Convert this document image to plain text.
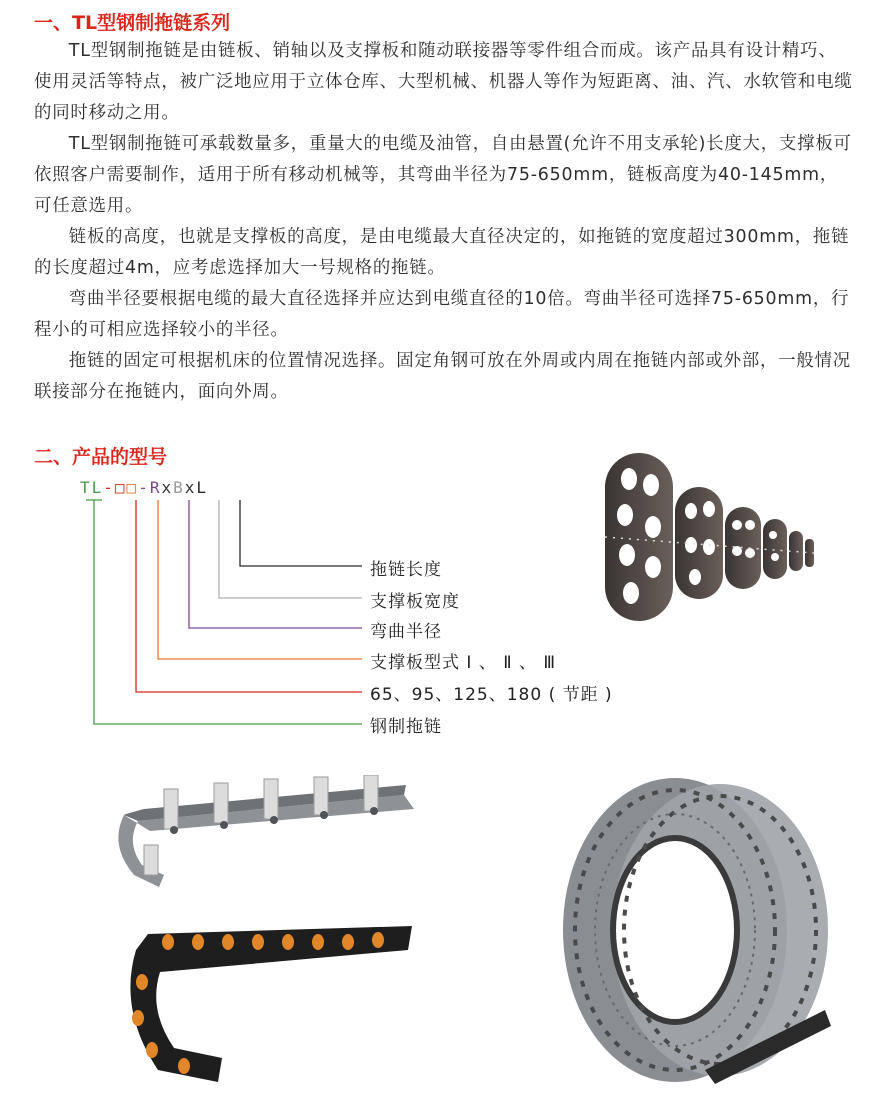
一、TL型钢制拖链系列

TL型钢制拖链是由链板、销轴以及支撑板和随动联接器等零件组合而成。该产品具有设计精巧、使用灵活等特点，被广泛地应用于立体仓库、大型机械、机器人等作为短距离、油、汽、水软管和电缆的同时移动之用。

TL型钢制拖链可承载数量多，重量大的电缆及油管，自由悬置(允许不用支承轮)长度大，支撑板可依照客户需要制作，适用于所有移动机械等，其弯曲半径为75-650mm，链板高度为40-145mm，可任意选用。

链板的高度，也就是支撑板的高度，是由电缆最大直径决定的，如拖链的宽度超过300mm，拖链的长度超过4m，应考虑选择加大一号规格的拖链。

弯曲半径要根据电缆的最大直径选择并应达到电缆直径的10倍。弯曲半径可选择75-650mm，行程小的可相应选择较小的半径。

拖链的固定可根据机床的位置情况选择。固定角钢可放在外周或内周在拖链内部或外部，一般情况联接部分在拖链内，面向外周。

二、产品的型号
TL-□□-RxBxL
拖链长度
支撑板宽度
弯曲半径
支撑板型式 Ⅰ 、 Ⅱ 、 Ⅲ
65、95、125、180 ( 节距 )
钢制拖链
